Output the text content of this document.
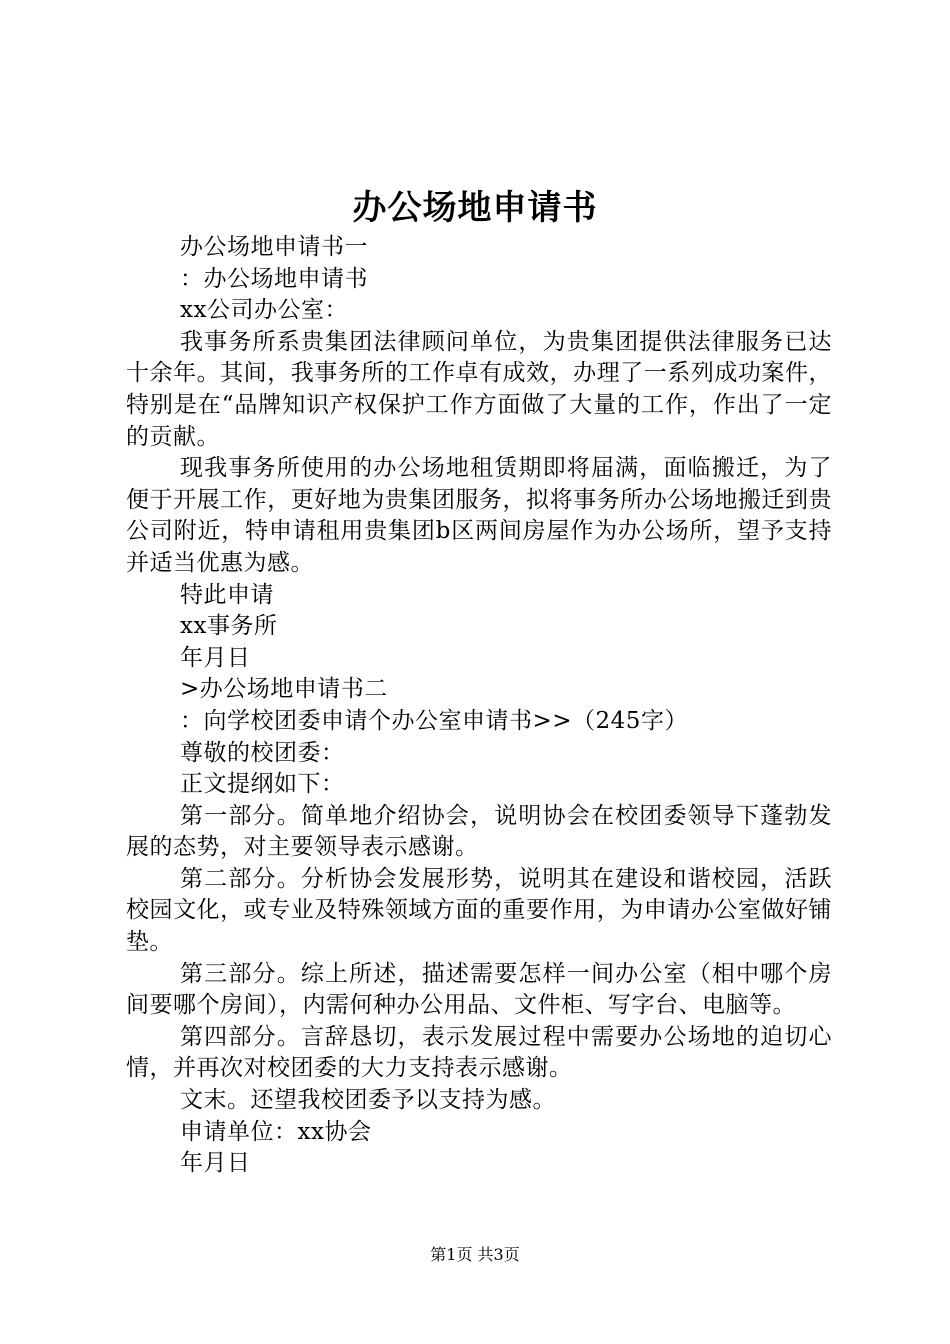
办公场地申请书

办公场地申请书一

：办公场地申请书

xx公司办公室：

我事务所系贵集团法律顾问单位，为贵集团提供法律服务已达十余年。其间，我事务所的工作卓有成效，办理了一系列成功案件，特别是在“品牌知识产权保护工作方面做了大量的工作，作出了一定的贡献。

现我事务所使用的办公场地租赁期即将届满，面临搬迁，为了便于开展工作，更好地为贵集团服务，拟将事务所办公场地搬迁到贵公司附近，特申请租用贵集团b区两间房屋作为办公场所，望予支持并适当优惠为感。

特此申请

xx事务所

年月日

>办公场地申请书二

：向学校团委申请个办公室申请书>>（245字）

尊敬的校团委：

正文提纲如下：

第一部分。简单地介绍协会，说明协会在校团委领导下蓬勃发展的态势，对主要领导表示感谢。

第二部分。分析协会发展形势，说明其在建设和谐校园，活跃校园文化，或专业及特殊领域方面的重要作用，为申请办公室做好铺垫。

第三部分。综上所述，描述需要怎样一间办公室（相中哪个房间要哪个房间），内需何种办公用品、文件柜、写字台、电脑等。

第四部分。言辞恳切，表示发展过程中需要办公场地的迫切心情，并再次对校团委的大力支持表示感谢。

文末。还望我校团委予以支持为感。

申请单位：xx协会

年月日

第1页 共3页
